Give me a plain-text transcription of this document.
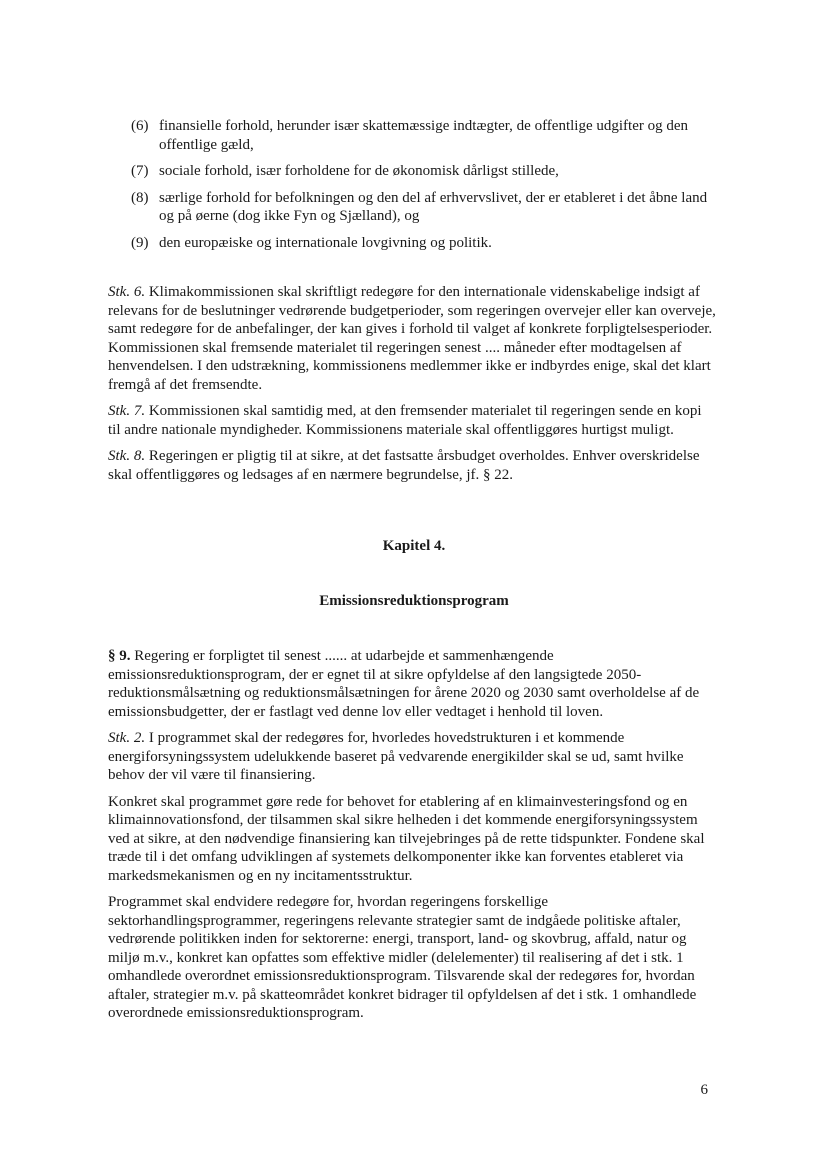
(6) finansielle forhold, herunder især skattemæssige indtægter, de offentlige udgifter og den offentlige gæld,
(7) sociale forhold, især forholdene for de økonomisk dårligst stillede,
(8) særlige forhold for befolkningen og den del af erhvervslivet, der er etableret i det åbne land og på øerne (dog ikke Fyn og Sjælland), og
(9) den europæiske og internationale lovgivning og politik.

Stk. 6. Klimakommissionen skal skriftligt redegøre for den internationale videnskabelige indsigt af relevans for de beslutninger vedrørende budgetperioder, som regeringen overvejer eller kan overveje, samt redegøre for de anbefalinger, der kan gives i forhold til valget af konkrete forpligtelsesperioder. Kommissionen skal fremsende materialet til regeringen senest .... måneder efter modtagelsen af henvendelsen. I den udstrækning, kommissionens medlemmer ikke er indbyrdes enige, skal det klart fremgå af det fremsendte.

Stk. 7. Kommissionen skal samtidig med, at den fremsender materialet til regeringen sende en kopi til andre nationale myndigheder. Kommissionens materiale skal offentliggøres hurtigst muligt.

Stk. 8. Regeringen er pligtig til at sikre, at det fastsatte årsbudget overholdes. Enhver overskridelse skal offentliggøres og ledsages af en nærmere begrundelse, jf. § 22.

Kapitel 4.
Emissionsreduktionsprogram

§ 9. Regering er forpligtet til senest ...... at udarbejde et sammenhængende emissionsreduktionsprogram, der er egnet til at sikre opfyldelse af den langsigtede 2050-reduktionsmålsætning og reduktionsmålsætningen for årene 2020 og 2030 samt overholdelse af de emissionsbudgetter, der er fastlagt ved denne lov eller vedtaget i henhold til loven.

Stk. 2. I programmet skal der redegøres for, hvorledes hovedstrukturen i et kommende energiforsyningssystem udelukkende baseret på vedvarende energikilder skal se ud, samt hvilke behov der vil være til finansiering.

Konkret skal programmet gøre rede for behovet for etablering af en klimainvesteringsfond og en klimainnovationsfond, der tilsammen skal sikre helheden i det kommende energiforsyningssystem ved at sikre, at den nødvendige finansiering kan tilvejebringes på de rette tidspunkter. Fondene skal træde til i det omfang udviklingen af systemets delkomponenter ikke kan forventes etableret via markedsmekanismen og en ny incitamentsstruktur.

Programmet skal endvidere redegøre for, hvordan regeringens forskellige sektorhandlingsprogrammer, regeringens relevante strategier samt de indgåede politiske aftaler, vedrørende politikken inden for sektorerne: energi, transport, land- og skovbrug, affald, natur og miljø m.v., konkret kan opfattes som effektive midler (delelementer) til realisering af det i stk. 1 omhandlede overordnet emissionsreduktionsprogram. Tilsvarende skal der redegøres for, hvordan aftaler, strategier m.v. på skatteområdet konkret bidrager til opfyldelsen af det i stk. 1 omhandlede overordnede emissionsreduktionsprogram.

6
